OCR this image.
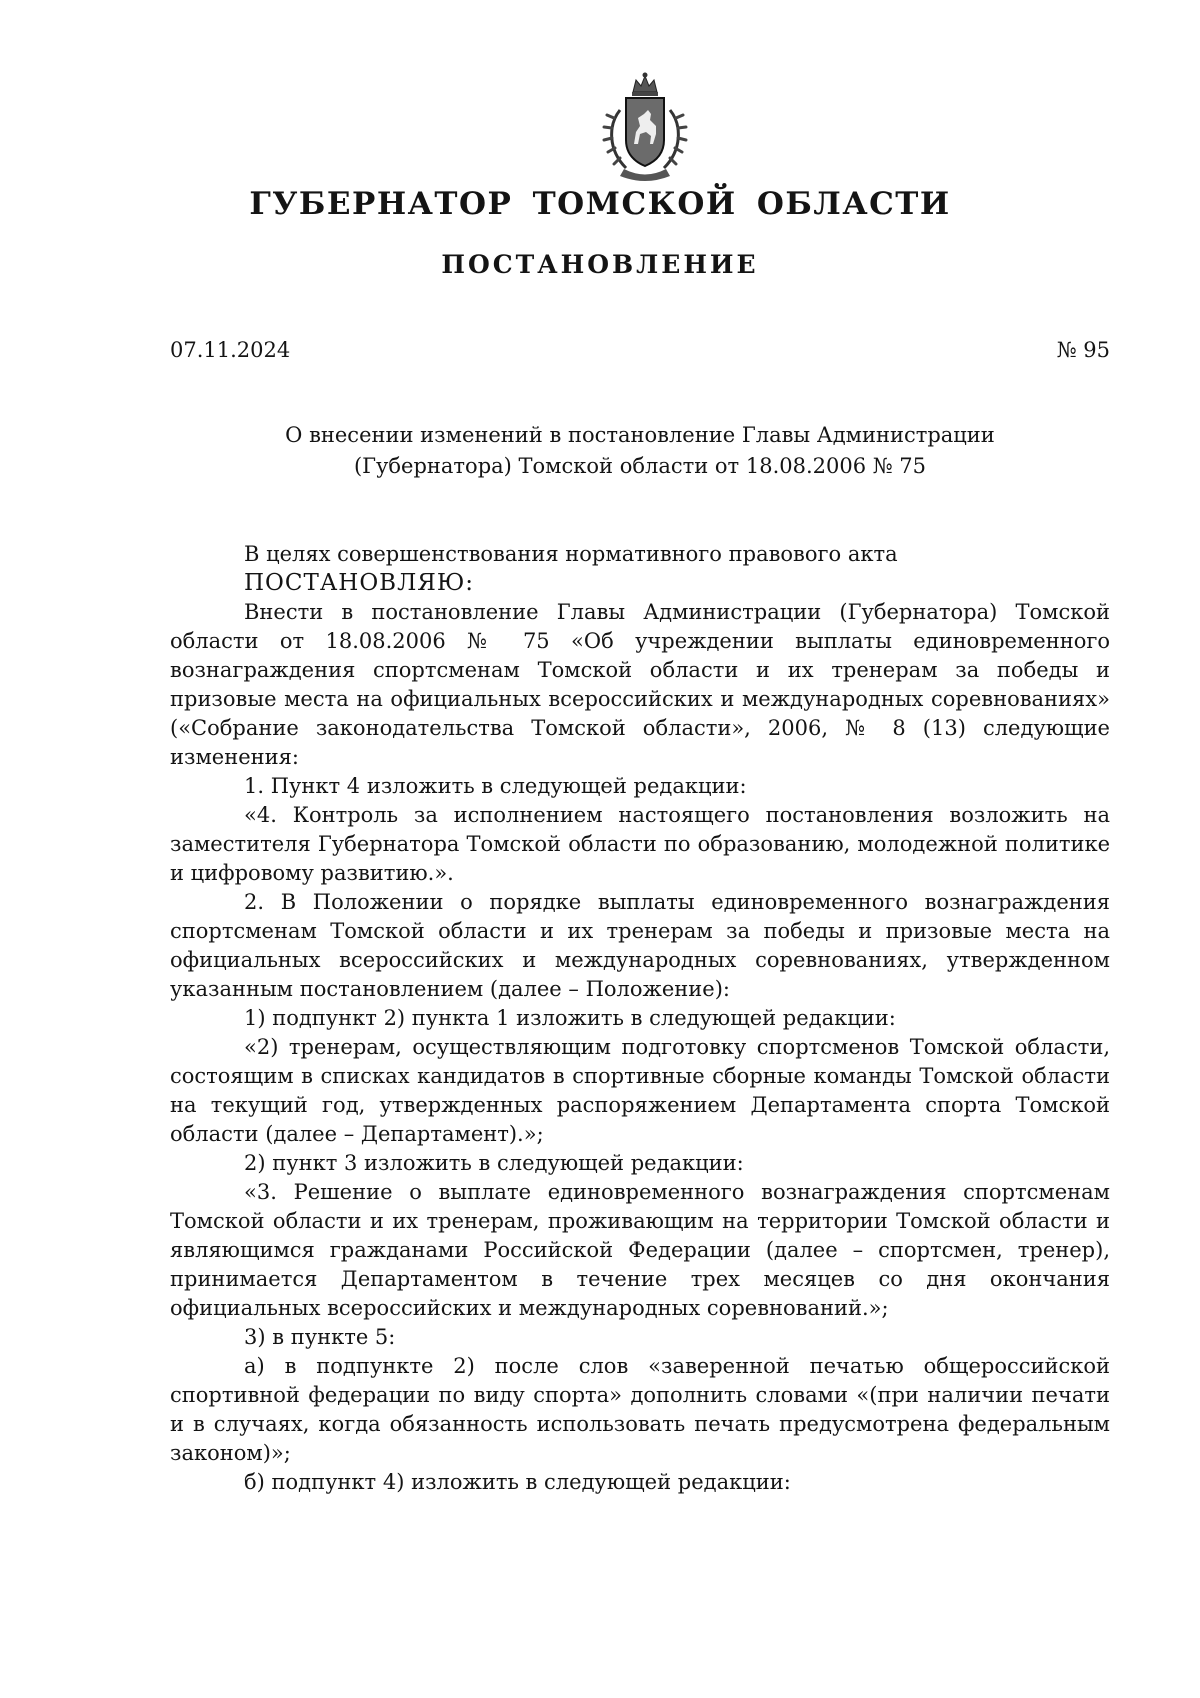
ГУБЕРНАТОР ТОМСКОЙ ОБЛАСТИ
ПОСТАНОВЛЕНИЕ
07.11.2024	№ 95
О внесении изменений в постановление Главы Администрации
(Губернатора) Томской области от 18.08.2006 № 75

В целях совершенствования нормативного правового акта

ПОСТАНОВЛЯЮ:

Внести в постановление Главы Администрации (Губернатора) Томской области от 18.08.2006 № 75 «Об учреждении выплаты единовременного вознаграждения спортсменам Томской области и их тренерам за победы и призовые места на официальных всероссийских и международных соревнованиях» («Собрание законодательства Томской области», 2006, № 8 (13) следующие изменения:

1. Пункт 4 изложить в следующей редакции:

«4. Контроль за исполнением настоящего постановления возложить на заместителя Губернатора Томской области по образованию, молодежной политике и цифровому развитию.».

2. В Положении о порядке выплаты единовременного вознаграждения спортсменам Томской области и их тренерам за победы и призовые места на официальных всероссийских и международных соревнованиях, утвержденном указанным постановлением (далее – Положение):

1) подпункт 2) пункта 1 изложить в следующей редакции:

«2) тренерам, осуществляющим подготовку спортсменов Томской области, состоящим в списках кандидатов в спортивные сборные команды Томской области на текущий год, утвержденных распоряжением Департамента спорта Томской области (далее – Департамент).»;

2) пункт 3 изложить в следующей редакции:

«3. Решение о выплате единовременного вознаграждения спортсменам Томской области и их тренерам, проживающим на территории Томской области и являющимся гражданами Российской Федерации (далее – спортсмен, тренер), принимается Департаментом в течение трех месяцев со дня окончания официальных всероссийских и международных соревнований.»;

3) в пункте 5:

а) в подпункте 2) после слов «заверенной печатью общероссийской спортивной федерации по виду спорта» дополнить словами «(при наличии печати и в случаях, когда обязанность использовать печать предусмотрена федеральным законом)»;

б) подпункт 4) изложить в следующей редакции:
